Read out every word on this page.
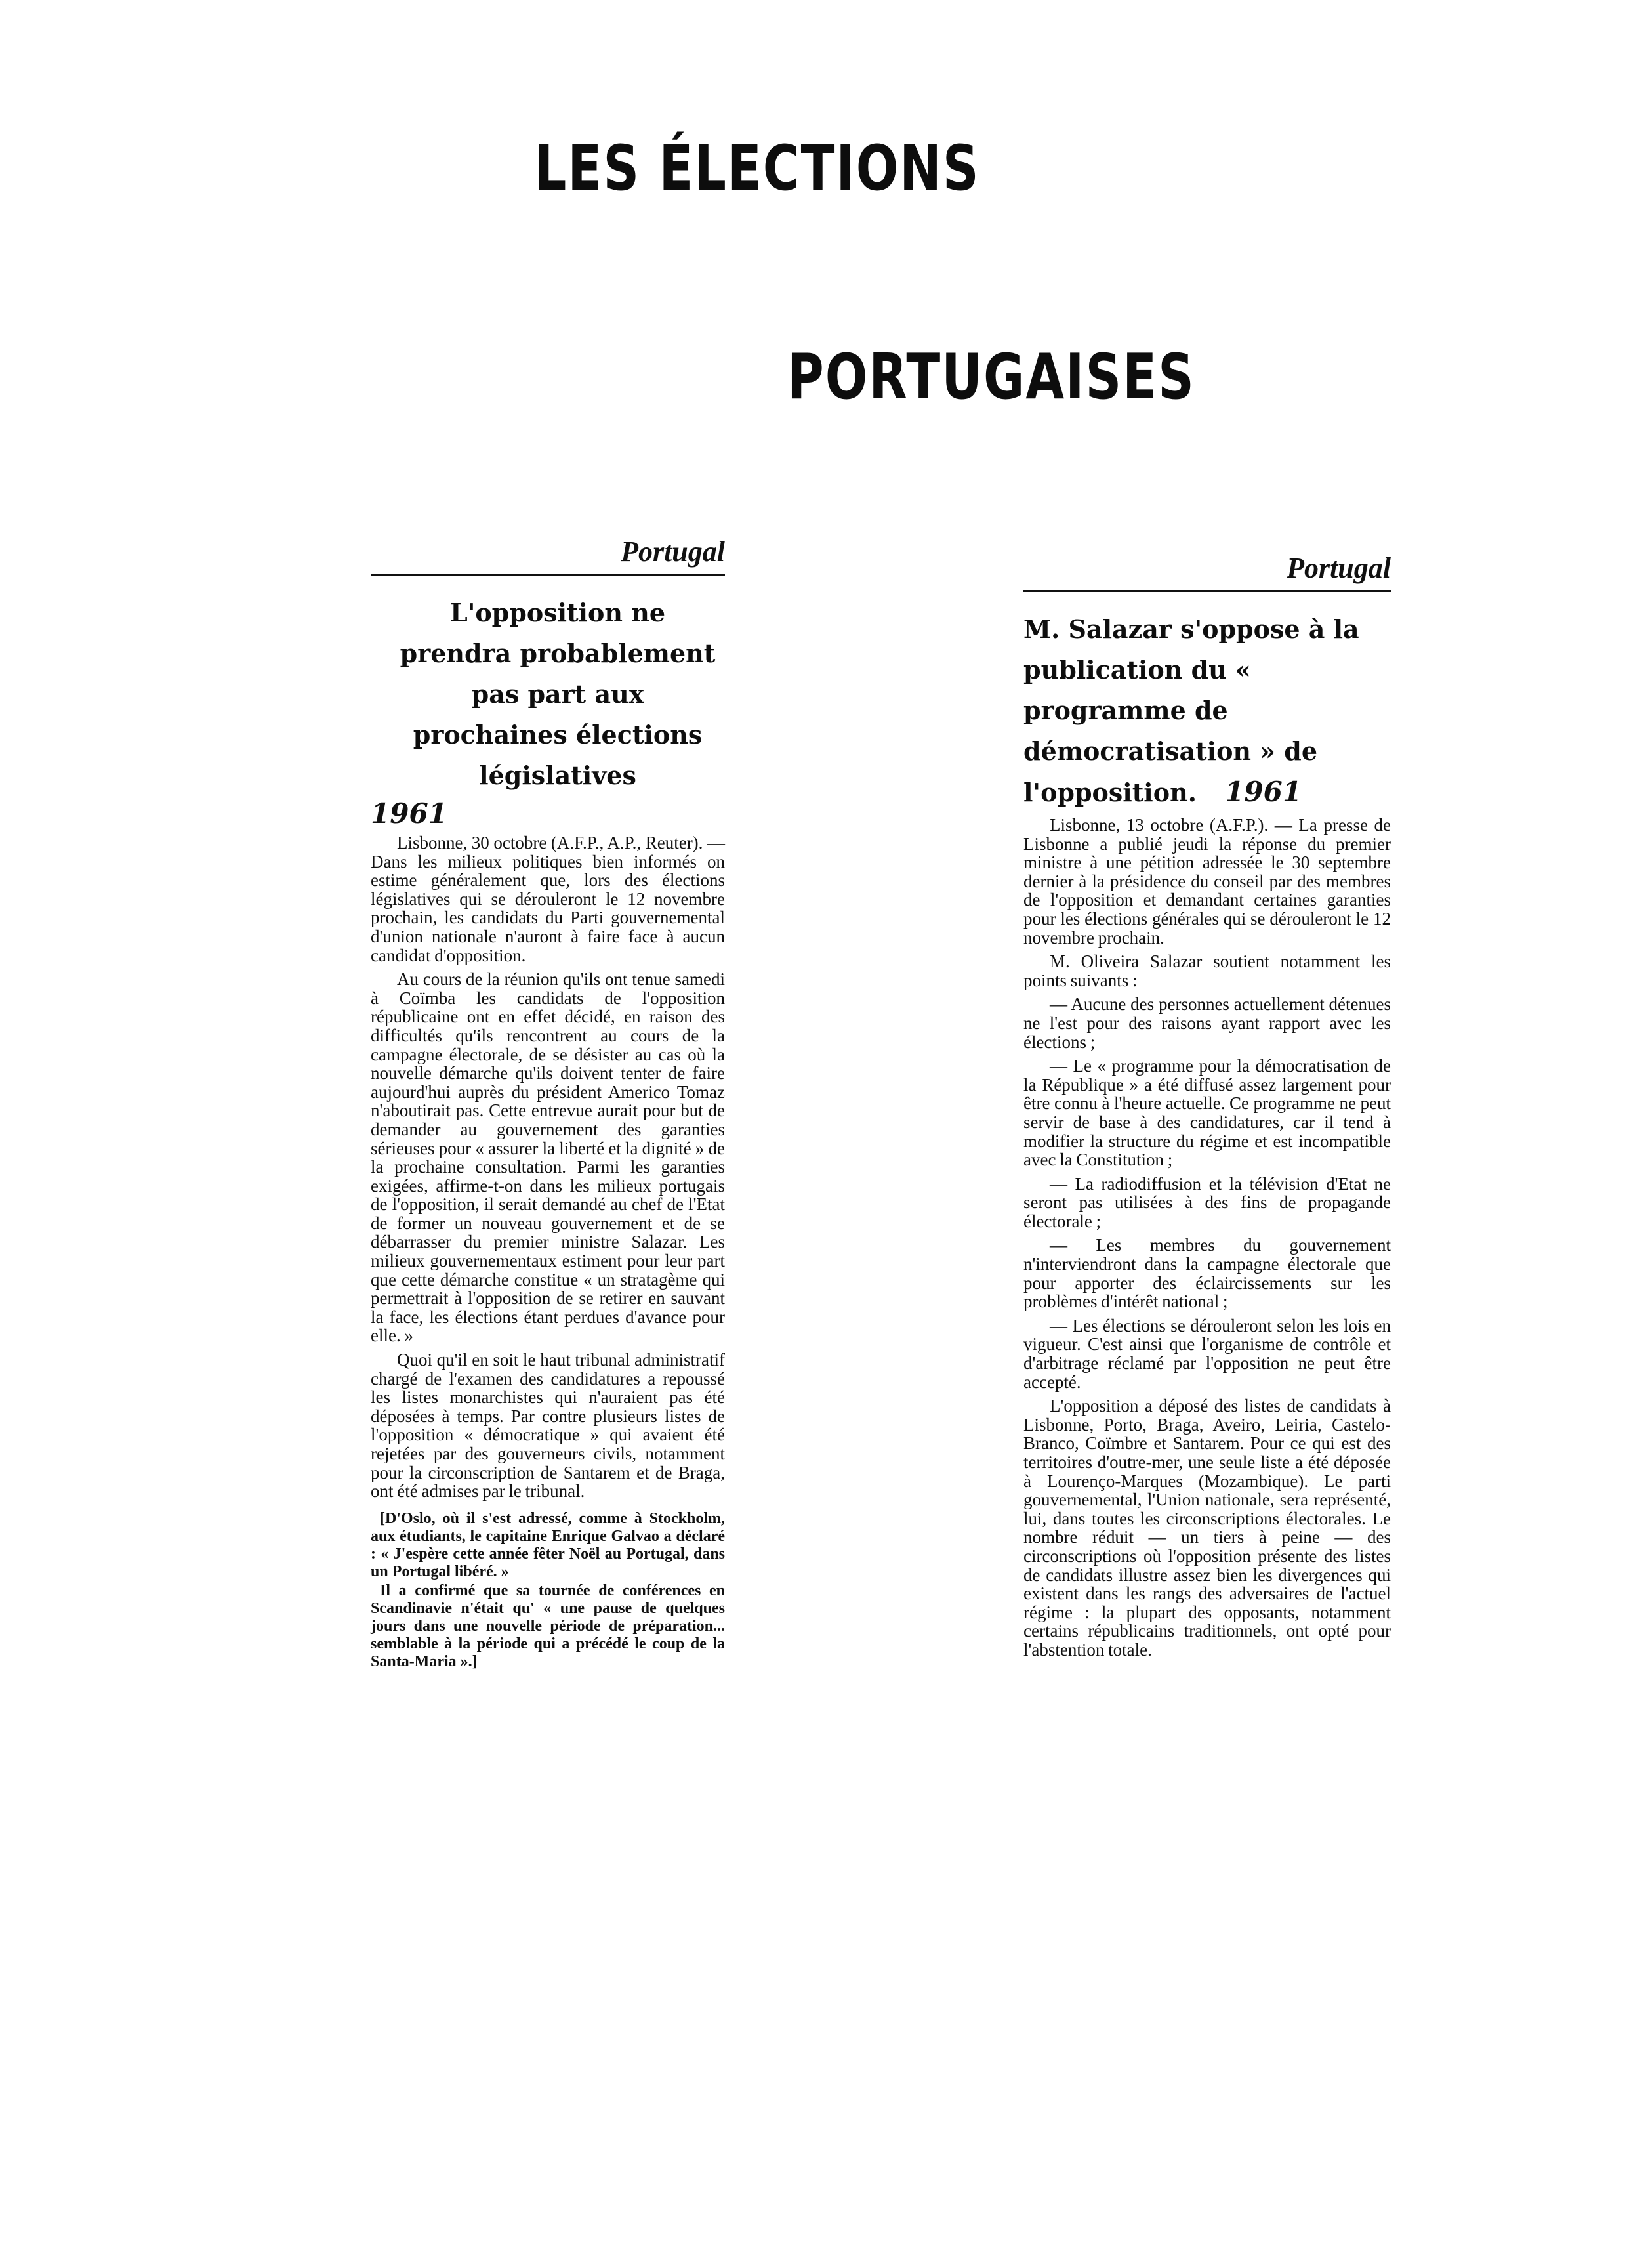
LES ÉLECTIONS
PORTUGAISES
Portugal
L'opposition ne prendra probablement pas part aux prochaines élections législatives
1961

Lisbonne, 30 octobre (A.F.P., A.P., Reuter). — Dans les milieux politiques bien informés on estime généralement que, lors des élections législatives qui se dérouleront le 12 novembre prochain, les candidats du Parti gouvernemental d'union nationale n'auront à faire face à aucun candidat d'opposition.

Au cours de la réunion qu'ils ont tenue samedi à Coïmba les candidats de l'opposition républicaine ont en effet décidé, en raison des difficultés qu'ils rencontrent au cours de la campagne électorale, de se désister au cas où la nouvelle démarche qu'ils doivent tenter de faire aujourd'hui auprès du président Americo Tomaz n'aboutirait pas. Cette entrevue aurait pour but de demander au gouvernement des garanties sérieuses pour « assurer la liberté et la dignité » de la prochaine consultation. Parmi les garanties exigées, affirme-t-on dans les milieux portugais de l'opposition, il serait demandé au chef de l'Etat de former un nouveau gouvernement et de se débarrasser du premier ministre Salazar. Les milieux gouvernementaux estiment pour leur part que cette démarche constitue « un stratagème qui permettrait à l'opposition de se retirer en sauvant la face, les élections étant perdues d'avance pour elle. »

Quoi qu'il en soit le haut tribunal administratif chargé de l'examen des candidatures a repoussé les listes monarchistes qui n'auraient pas été déposées à temps. Par contre plusieurs listes de l'opposition « démocratique » qui avaient été rejetées par des gouverneurs civils, notamment pour la circonscription de Santarem et de Braga, ont été admises par le tribunal.

[D'Oslo, où il s'est adressé, comme à Stockholm, aux étudiants, le capitaine Enrique Galvao a déclaré : « J'espère cette année fêter Noël au Portugal, dans un Portugal libéré. »

Il a confirmé que sa tournée de conférences en Scandinavie n'était qu' « une pause de quelques jours dans une nouvelle période de préparation... semblable à la période qui a précédé le coup de la Santa-Maria ».]

Portugal
M. Salazar s'oppose à la publication du « programme de démocratisation » de l'opposition. 1961

Lisbonne, 13 octobre (A.F.P.). — La presse de Lisbonne a publié jeudi la réponse du premier ministre à une pétition adressée le 30 septembre dernier à la présidence du conseil par des membres de l'opposition et demandant certaines garanties pour les élections générales qui se dérouleront le 12 novembre prochain.

M. Oliveira Salazar soutient notamment les points suivants :

— Aucune des personnes actuellement détenues ne l'est pour des raisons ayant rapport avec les élections ;

— Le « programme pour la démocratisation de la République » a été diffusé assez largement pour être connu à l'heure actuelle. Ce programme ne peut servir de base à des candidatures, car il tend à modifier la structure du régime et est incompatible avec la Constitution ;

— La radiodiffusion et la télévision d'Etat ne seront pas utilisées à des fins de propagande électorale ;

— Les membres du gouvernement n'interviendront dans la campagne électorale que pour apporter des éclaircissements sur les problèmes d'intérêt national ;

— Les élections se dérouleront selon les lois en vigueur. C'est ainsi que l'organisme de contrôle et d'arbitrage réclamé par l'opposition ne peut être accepté.

L'opposition a déposé des listes de candidats à Lisbonne, Porto, Braga, Aveiro, Leiria, Castelo-Branco, Coïmbre et Santarem. Pour ce qui est des territoires d'outre-mer, une seule liste a été déposée à Lourenço-Marques (Mozambique). Le parti gouvernemental, l'Union nationale, sera représenté, lui, dans toutes les circonscriptions électorales. Le nombre réduit — un tiers à peine — des circonscriptions où l'opposition présente des listes de candidats illustre assez bien les divergences qui existent dans les rangs des adversaires de l'actuel régime : la plupart des opposants, notamment certains républicains traditionnels, ont opté pour l'abstention totale.
